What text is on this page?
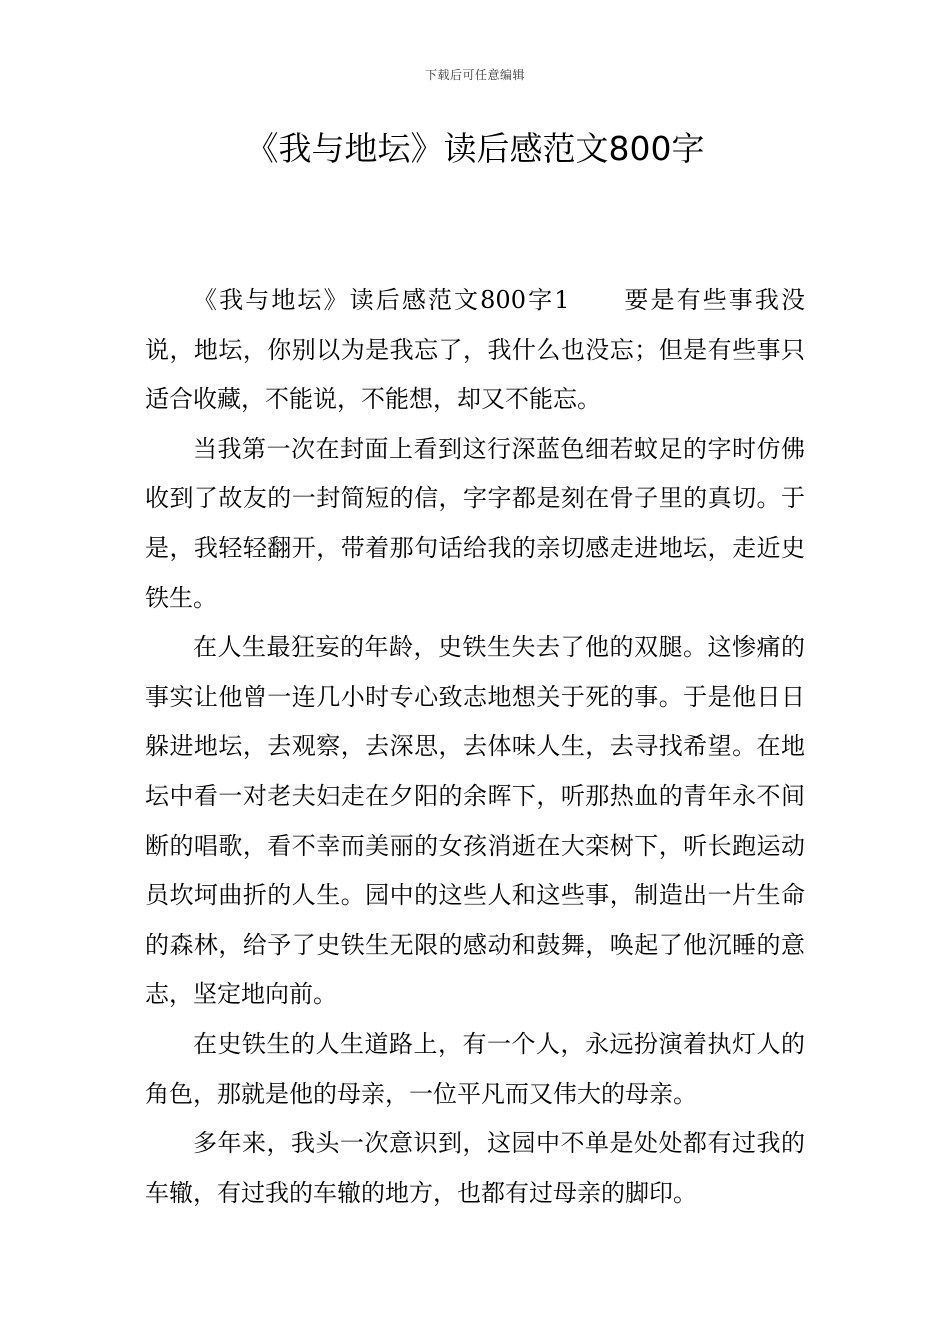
下载后可任意编辑
《我与地坛》读后感范文800字

《我与地坛》读后感范文800字1 要是有些事我没说，地坛，你别以为是我忘了，我什么也没忘；但是有些事只适合收藏，不能说，不能想，却又不能忘。

当我第一次在封面上看到这行深蓝色细若蚊足的字时仿佛收到了故友的一封简短的信，字字都是刻在骨子里的真切。于是，我轻轻翻开，带着那句话给我的亲切感走进地坛，走近史铁生。

在人生最狂妄的年龄，史铁生失去了他的双腿。这惨痛的事实让他曾一连几小时专心致志地想关于死的事。于是他日日躲进地坛，去观察，去深思，去体味人生，去寻找希望。在地坛中看一对老夫妇走在夕阳的余晖下，听那热血的青年永不间断的唱歌，看不幸而美丽的女孩消逝在大栾树下，听长跑运动员坎坷曲折的人生。园中的这些人和这些事，制造出一片生命的森林，给予了史铁生无限的感动和鼓舞，唤起了他沉睡的意志，坚定地向前。

在史铁生的人生道路上，有一个人，永远扮演着执灯人的角色，那就是他的母亲，一位平凡而又伟大的母亲。

多年来，我头一次意识到，这园中不单是处处都有过我的车辙，有过我的车辙的地方，也都有过母亲的脚印。
